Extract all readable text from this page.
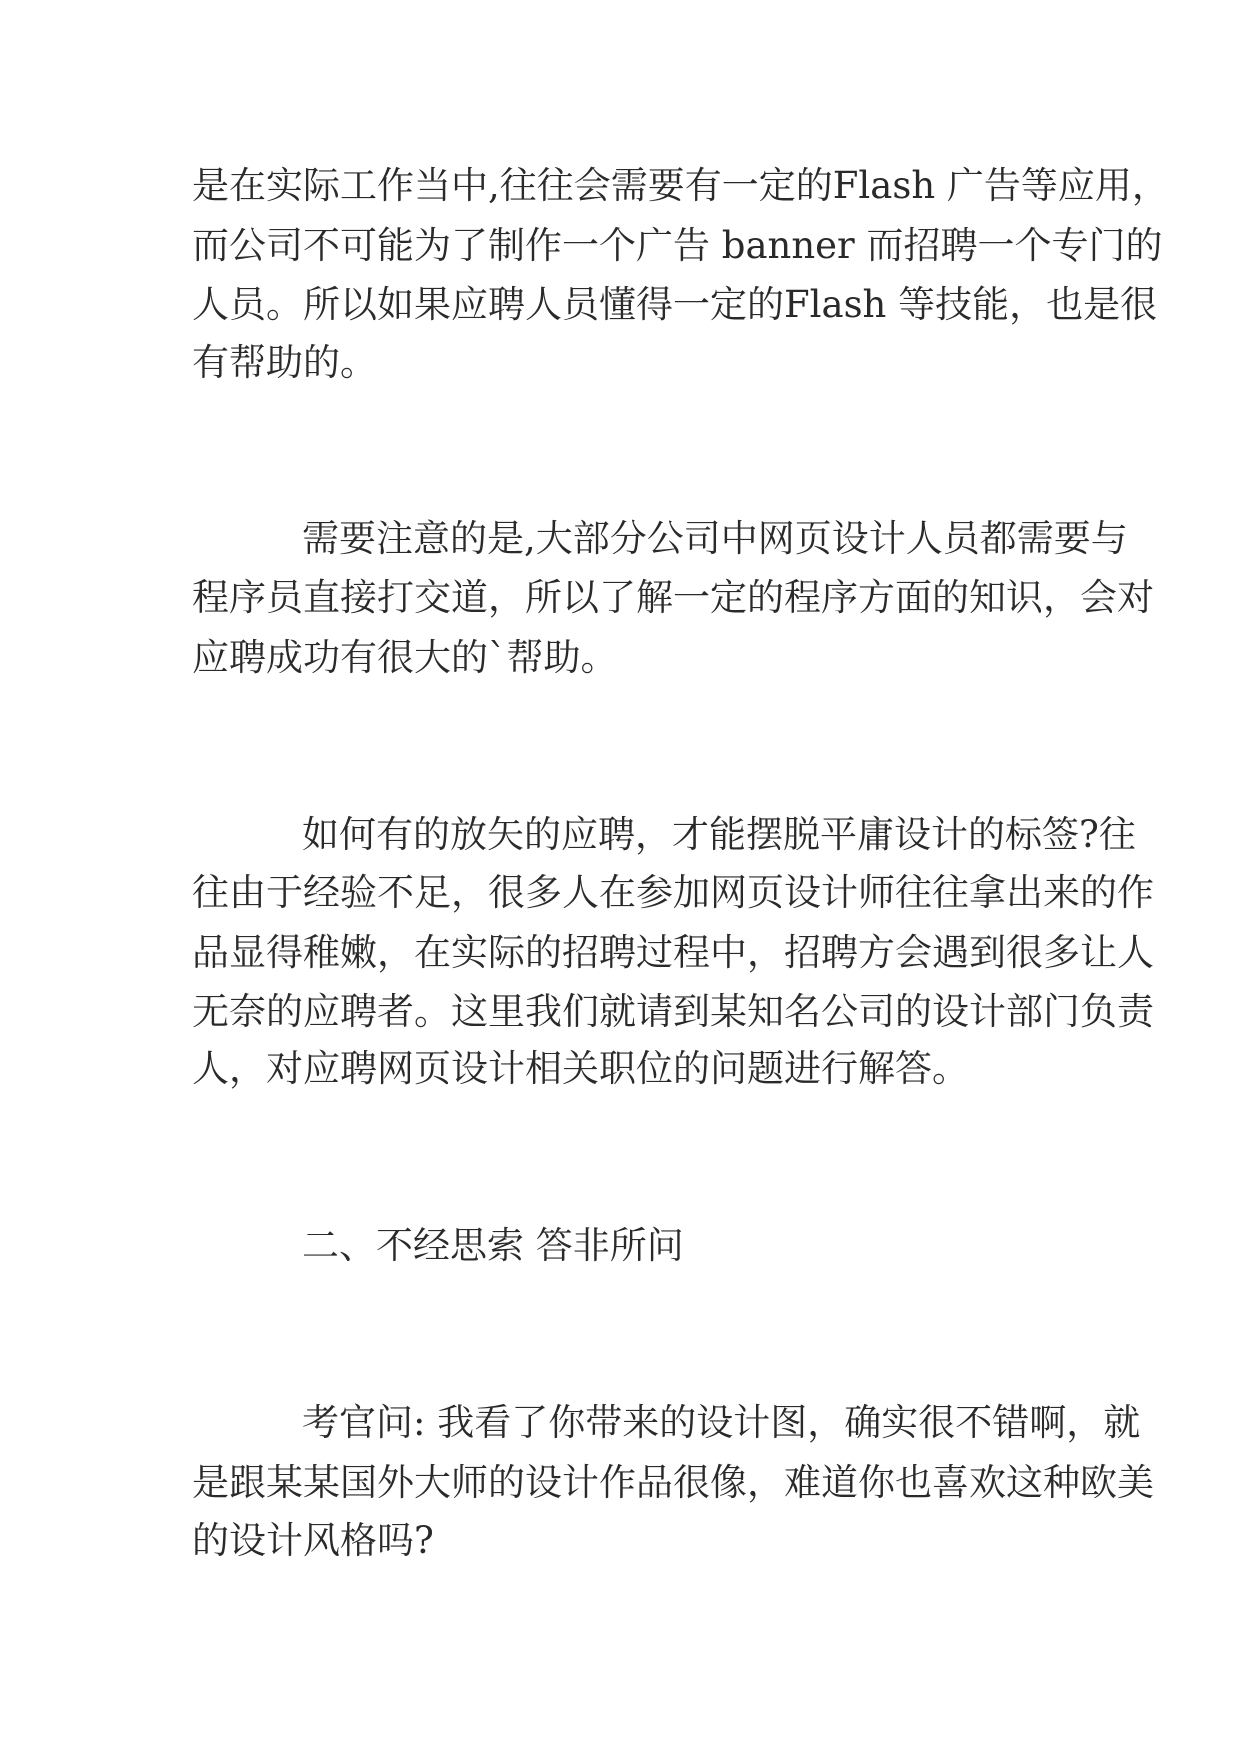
是在实际工作当中,往往会需要有一定的Flash 广告等应用，
而公司不可能为了制作一个广告 banner 而招聘一个专门的
人员。所以如果应聘人员懂得一定的Flash 等技能，也是很
有帮助的。
需要注意的是,大部分公司中网页设计人员都需要与
程序员直接打交道，所以了解一定的程序方面的知识，会对
应聘成功有很大的`帮助。
如何有的放矢的应聘，才能摆脱平庸设计的标签?往
往由于经验不足，很多人在参加网页设计师往往拿出来的作
品显得稚嫩，在实际的招聘过程中，招聘方会遇到很多让人
无奈的应聘者。这里我们就请到某知名公司的设计部门负责
人，对应聘网页设计相关职位的问题进行解答。
二、不经思索 答非所问
考官问: 我看了你带来的设计图，确实很不错啊，就
是跟某某国外大师的设计作品很像，难道你也喜欢这种欧美
的设计风格吗?
